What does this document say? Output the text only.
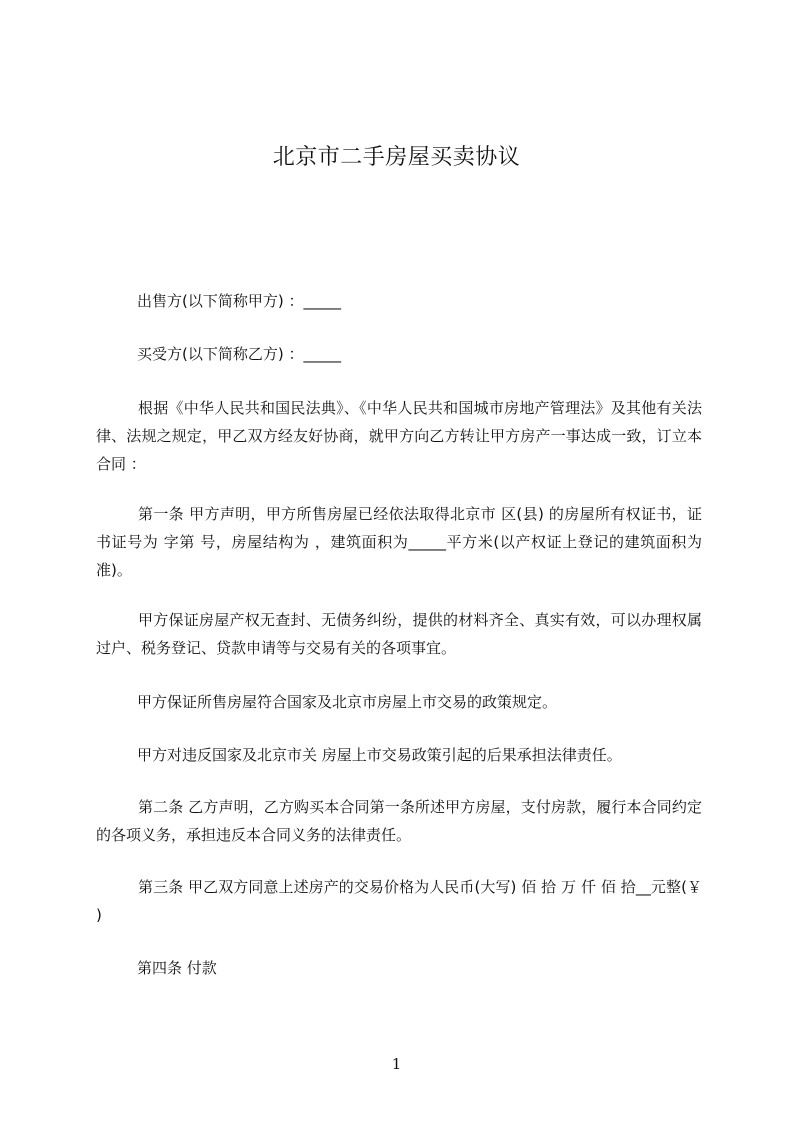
北京市二手房屋买卖协议

出售方(以下简称甲方) ：_____

买受方(以下简称乙方) ：_____

根据《中华人民共和国民法典》、《中华人民共和国城市房地产管理法》及其他有关法律、法规之规定，甲乙双方经友好协商，就甲方向乙方转让甲方房产一事达成一致，订立本合同 ：

第一条 甲方声明，甲方所售房屋已经依法取得北京市 区(县) 的房屋所有权证书，证书证号为 字第 号，房屋结构为 ，建筑面积为_____平方米(以产权证上登记的建筑面积为准)。

甲方保证房屋产权无查封、无债务纠纷，提供的材料齐全、真实有效，可以办理权属过户、税务登记、贷款申请等与交易有关的各项事宜。

甲方保证所售房屋符合国家及北京市房屋上市交易的政策规定。

甲方对违反国家及北京市关 房屋上市交易政策引起的后果承担法律责任。

第二条 乙方声明，乙方购买本合同第一条所述甲方房屋，支付房款，履行本合同约定的各项义务，承担违反本合同义务的法律责任。

第三条 甲乙双方同意上述房产的交易价格为人民币(大写) 佰 拾 万 仟 佰 拾__元整(￥ )

第四条 付款

1
